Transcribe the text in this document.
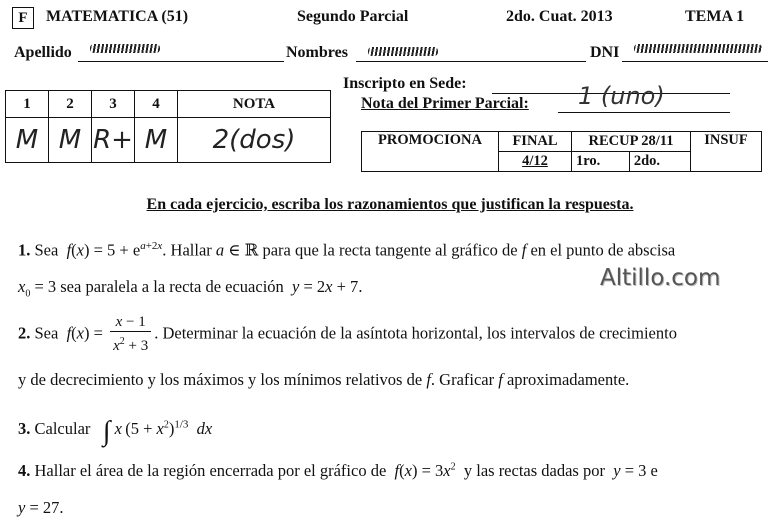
F	MATEMATICA (51)	Segundo Parcial	2do. Cuat. 2013	TEMA 1
Apellido	Nombres	DNI
1	2	3	4	NOTA
M	M	R+	M	2(dos)
Inscripto en Sede:
Nota del Primer Parcial: 1 (uno)
PROMOCIONA	FINAL	RECUP 28/11		INSUF
	4/12	1ro.	2do.	
En cada ejercicio, escriba los razonamientos que justifican la respuesta.
1. Sea $f(x) = 5 + e^{a+2x}$. Hallar a ∈ ℝ para que la recta tangente al gráfico de f en el punto de abscisa
$x_0 = 3$ sea paralela a la recta de ecuación y = 2x + 7.	Altillo.com
2. Sea $f(x) = \frac{x - 1}{x^2 + 3}$ . Determinar la ecuación de la asíntota horizontal, los intervalos de crecimiento
y de decrecimiento y los máximos y los mínimos relativos de f. Graficar f aproximadamente.
3. Calcular ∫ x $(5 + x^2)^{1/3}$ dx
4. Hallar el área de la región encerrada por el gráfico de $f(x) = 3x^2$ y las rectas dadas por y = 3 e
y = 27.
